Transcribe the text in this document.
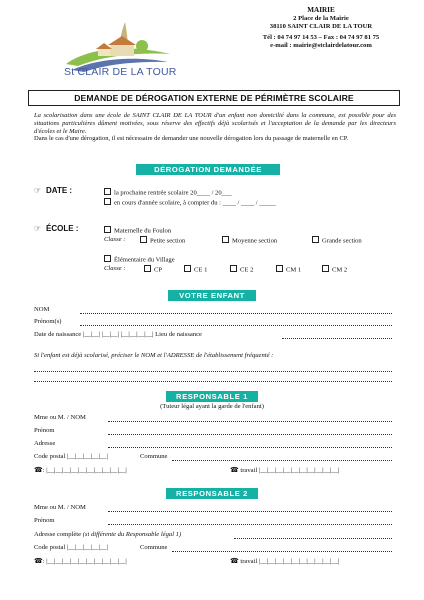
St CLAIR DE LA TOUR
MAIRIE
2 Place de la Mairie
38110 SAINT CLAIR DE LA TOUR
Tél : 04 74 97 14 53 – Fax : 04 74 97 81 75
e-mail : mairie@stclairdelatour.com
DEMANDE DE DÉROGATION EXTERNE DE PÉRIMÈTRE SCOLAIRE
La scolarisation dans une école de SAINT CLAIR DE LA TOUR d'un enfant non domicilié dans la commune, est possible pour des situations particulières dûment motivées, sous réserve des effectifs déjà scolarisés et l'acceptation de la demande par les directeurs d'écoles et le Maire.
Dans le cas d'une dérogation, il est nécessaire de demander une nouvelle dérogation lors du passage de maternelle en CP.
DÉROGATION DEMANDÉE
☞ DATE :	la prochaine rentrée scolaire 20____ / 20___
en cours d'année scolaire, à compter du : ____ / ____ / _____
☞ ÉCOLE :	Maternelle du Foulon
Classe :	Petite section	Moyenne section	Grande section
Élémentaire du Village
Classe :	CP	CE 1	CE 2	CM 1	CM 2
VOTRE ENFANT
NOM
Prénom(s)
Date de naissance |__|__| |__|__| |__|__|__|__| Lieu de naissance
Si l'enfant est déjà scolarisé, préciser le NOM et l'ADRESSE de l'établissement fréquenté :
RESPONSABLE 1
(Tuteur légal ayant la garde de l'enfant)
Mme ou M. / NOM
Prénom
Adresse
Code postal |__|__|__|__|__|	Commune
☎: |__|__|__|__|__|__|__|__|__|__|	☎ travail |__|__|__|__|__|__|__|__|__|__|
RESPONSABLE 2
Mme ou M. / NOM
Prénom
Adresse complète (si différente du Responsable légal 1)
Code postal |__|__|__|__|__|	Commune
☎: |__|__|__|__|__|__|__|__|__|__|	☎ travail |__|__|__|__|__|__|__|__|__|__|
